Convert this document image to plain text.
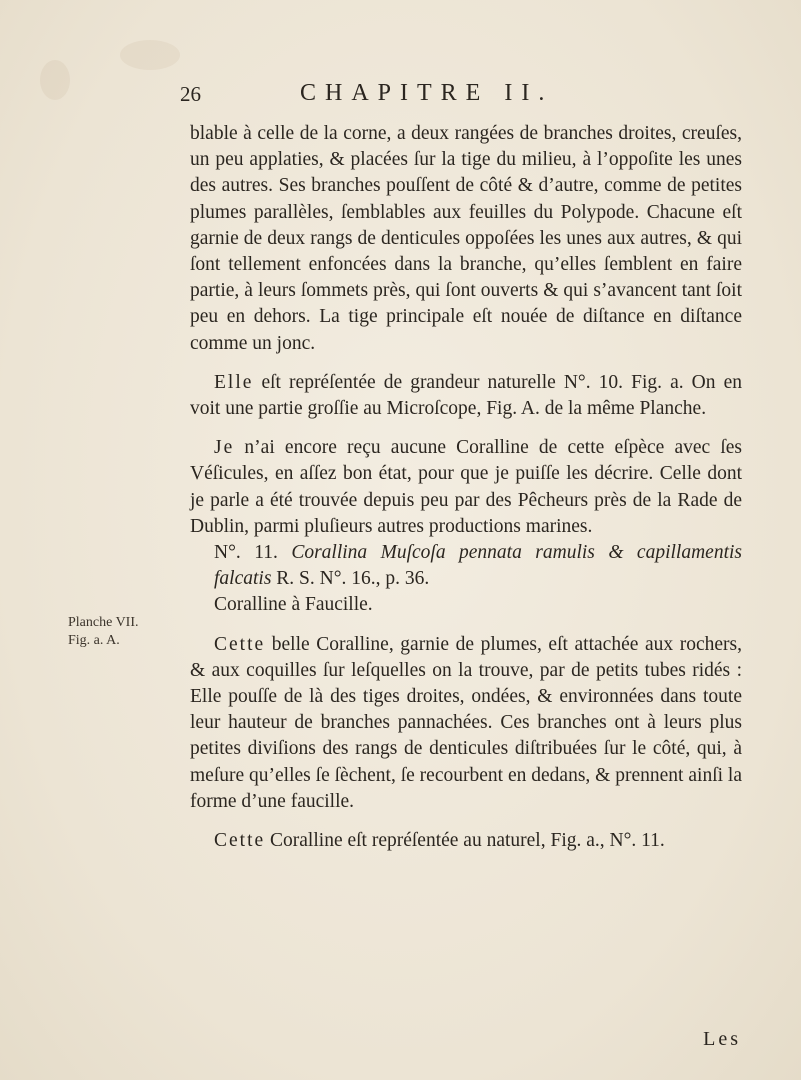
26	CHAPITRE II.
Planche VII.
Fig. a. A.

blable à celle de la corne, a deux rangées de branches droites, creuſes, un peu applaties, & placées ſur la tige du milieu, à l’oppoſite les unes des autres. Ses branches pouſſent de côté & d’autre, comme de petites plumes parallèles, ſemblables aux feuilles du Polypode. Chacune eſt garnie de deux rangs de denticules oppoſées les unes aux autres, & qui ſont tellement enfoncées dans la branche, qu’elles ſemblent en faire partie, à leurs ſommets près, qui ſont ouverts & qui s’avancent tant ſoit peu en dehors. La tige principale eſt nouée de diſtance en diſtance comme un jonc.

Elle eſt repréſentée de grandeur naturelle N°. 10. Fig. a. On en voit une partie groſſie au Microſcope, Fig. A. de la même Planche.

Je n’ai encore reçu aucune Coralline de cette eſpèce avec ſes Véſicules, en aſſez bon état, pour que je puiſſe les décrire. Celle dont je parle a été trouvée depuis peu par des Pêcheurs près de la Rade de Dublin, parmi pluſieurs autres productions marines.

N°. 11. Corallina Muſcoſa pennata ramulis & capillamentis falcatis R. S. N°. 16., p. 36.

Coralline à Faucille.

Cette belle Coralline, garnie de plumes, eſt attachée aux rochers, & aux coquilles ſur leſquelles on la trouve, par de petits tubes ridés : Elle pouſſe de là des tiges droites, ondées, & environnées dans toute leur hauteur de branches pannachées. Ces branches ont à leurs plus petites diviſions des rangs de denticules diſtribuées ſur le côté, qui, à meſure qu’elles ſe ſèchent, ſe recourbent en dedans, & prennent ainſi la forme d’une faucille.

Cette Coralline eſt repréſentée au naturel, Fig. a., N°. 11.

Les
